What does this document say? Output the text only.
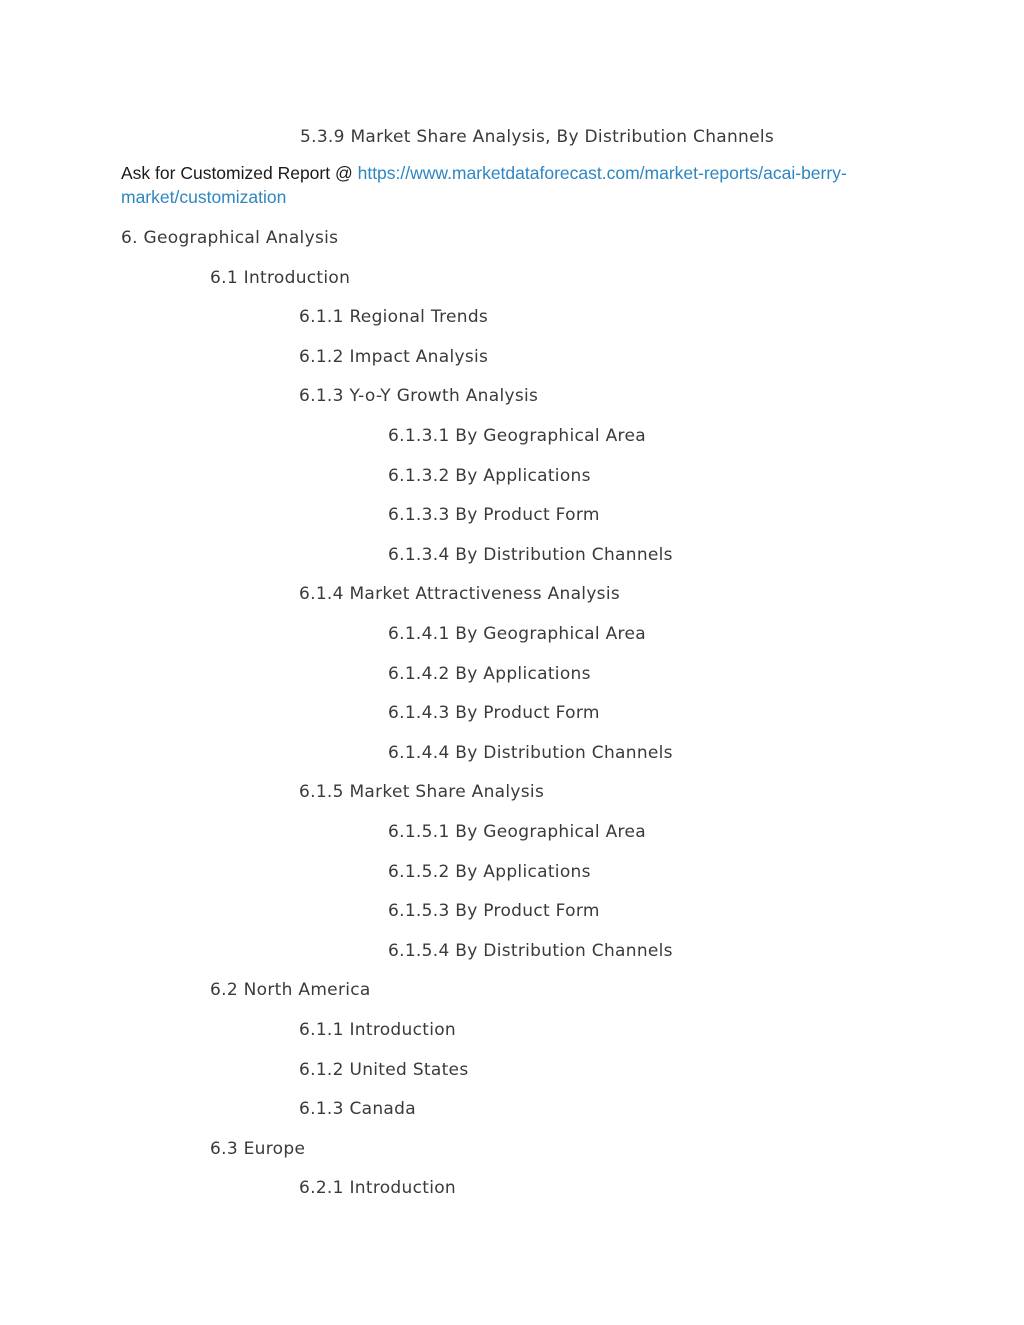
5.3.9 Market Share Analysis, By Distribution Channels
Ask for Customized Report @ https://www.marketdataforecast.com/market-reports/acai-berry-market/customization
6. Geographical Analysis
6.1 Introduction
6.1.1 Regional Trends
6.1.2 Impact Analysis
6.1.3 Y-o-Y Growth Analysis
6.1.3.1 By Geographical Area
6.1.3.2 By Applications
6.1.3.3 By Product Form
6.1.3.4 By Distribution Channels
6.1.4 Market Attractiveness Analysis
6.1.4.1 By Geographical Area
6.1.4.2 By Applications
6.1.4.3 By Product Form
6.1.4.4 By Distribution Channels
6.1.5 Market Share Analysis
6.1.5.1 By Geographical Area
6.1.5.2 By Applications
6.1.5.3 By Product Form
6.1.5.4 By Distribution Channels
6.2 North America
6.1.1 Introduction
6.1.2 United States
6.1.3 Canada
6.3 Europe
6.2.1 Introduction
